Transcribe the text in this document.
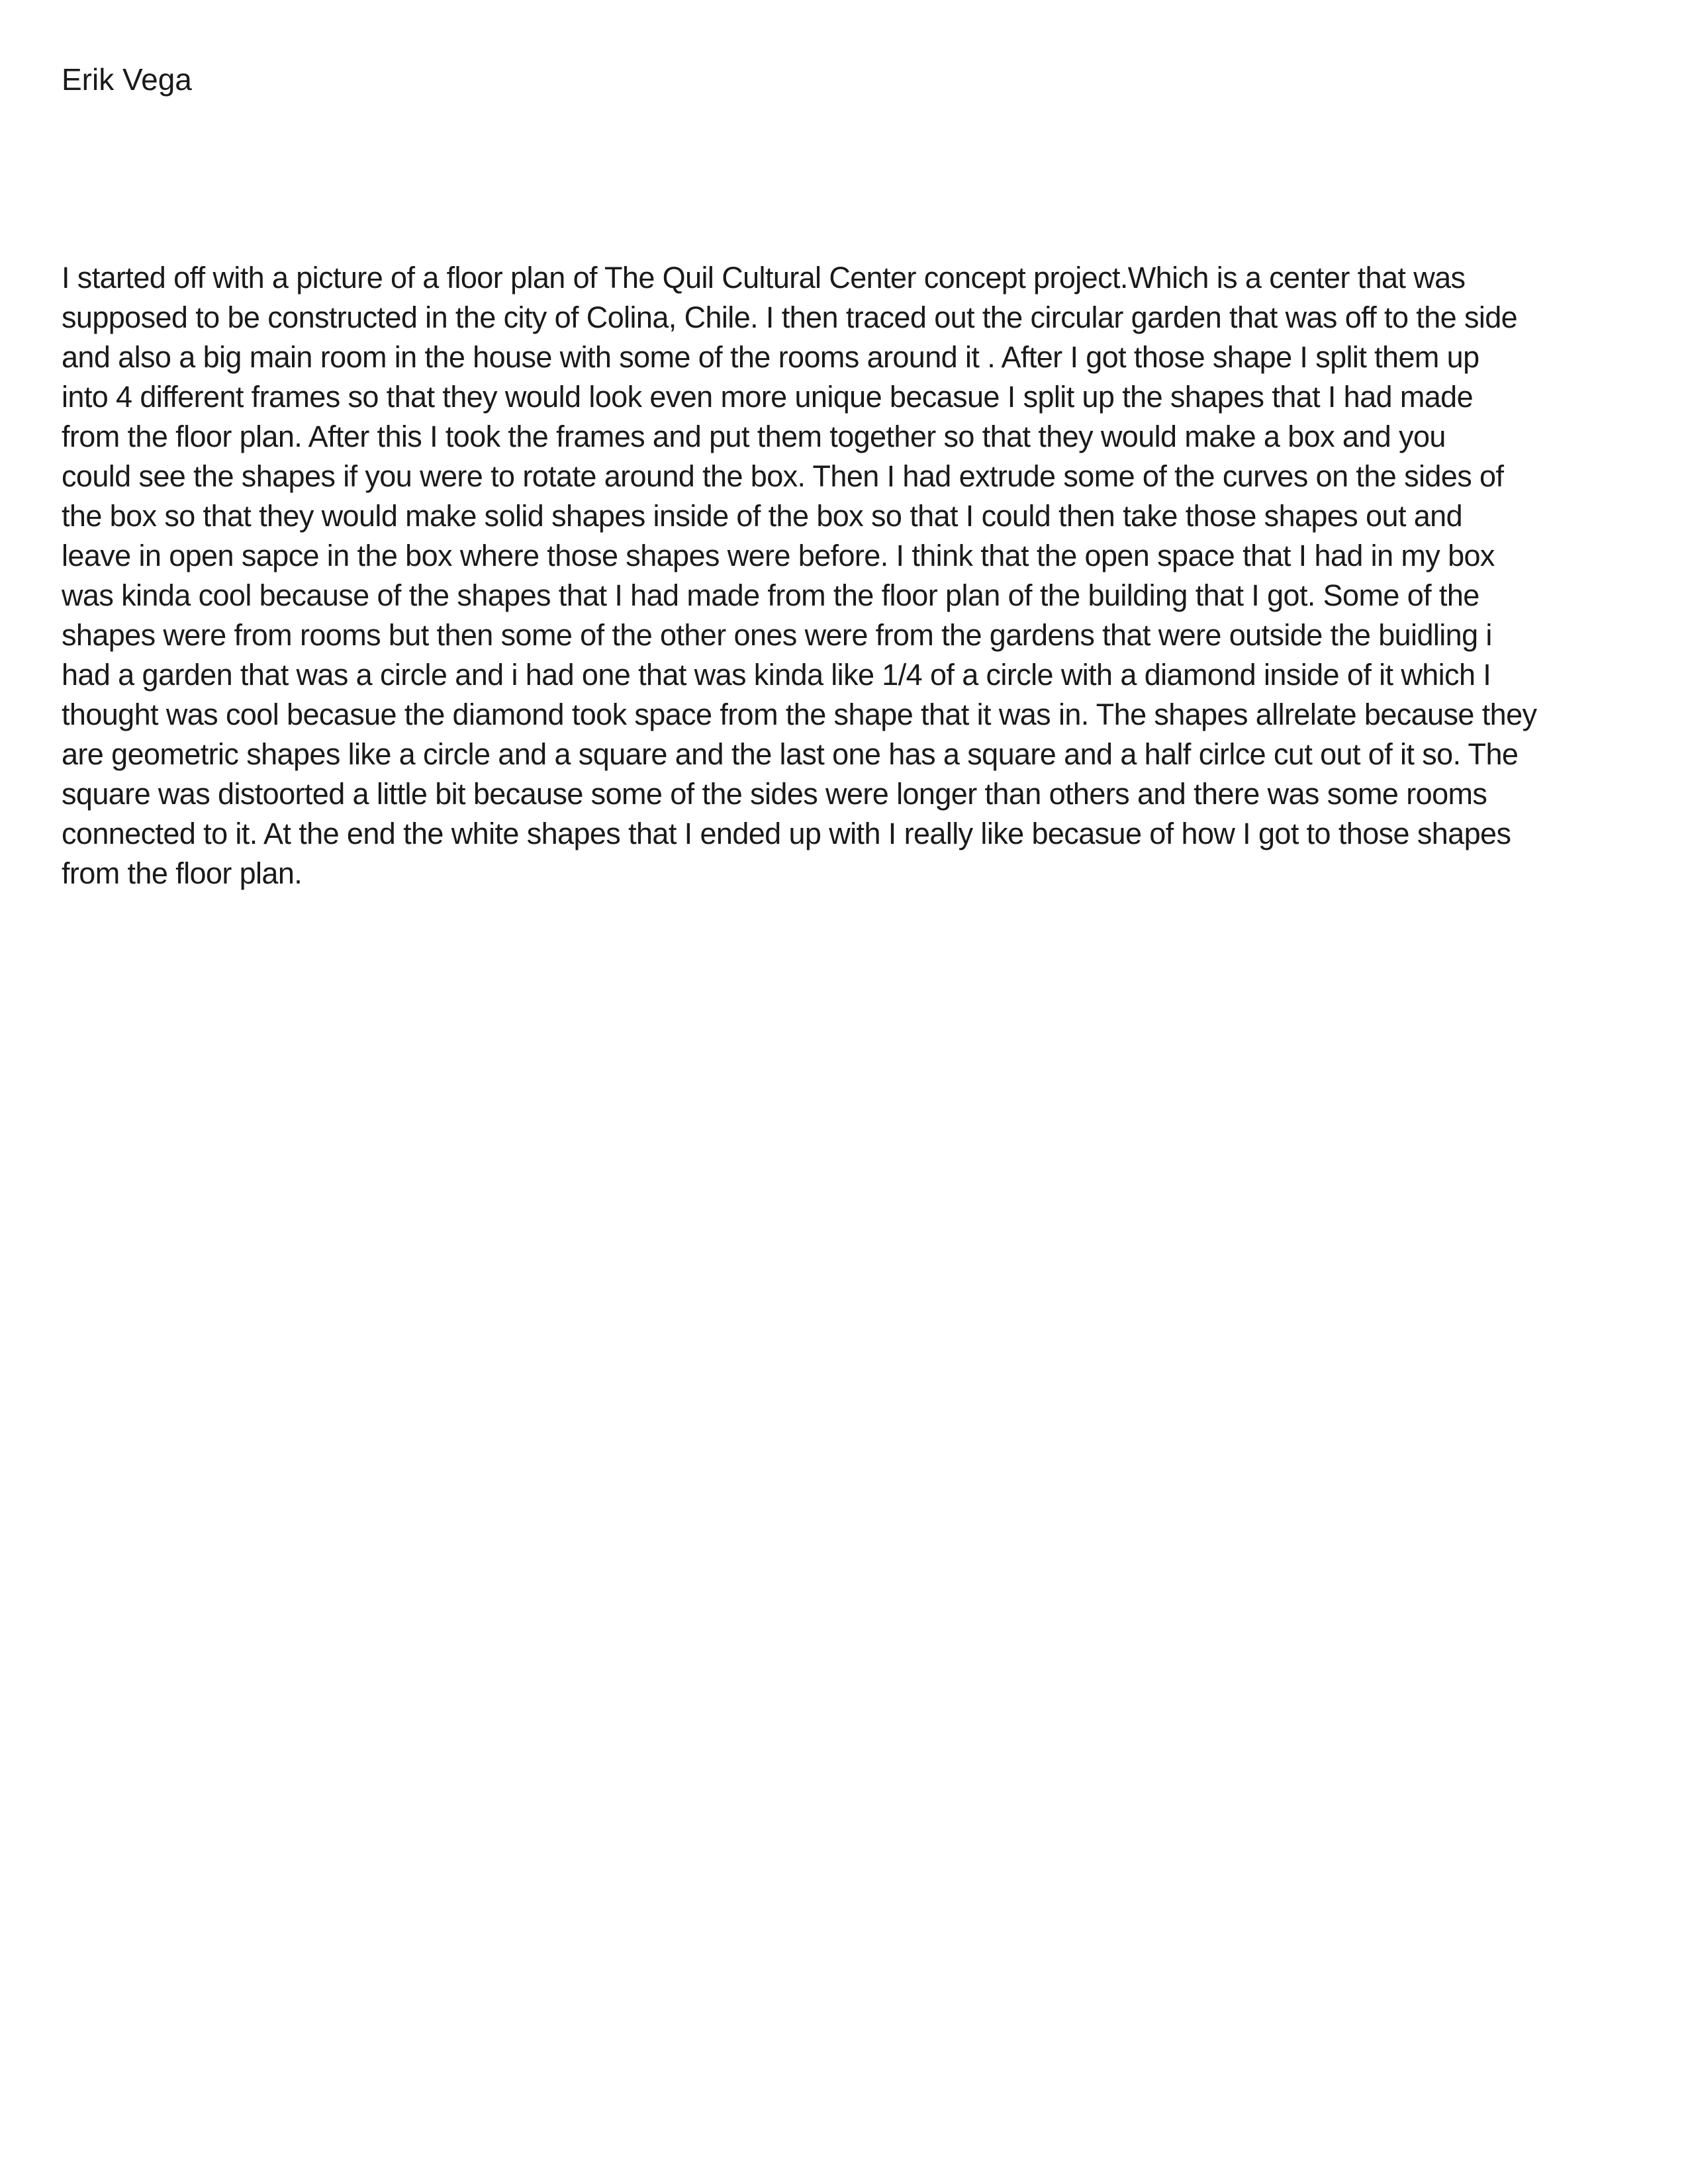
Erik Vega

I started off with a picture of a floor plan of The Quil Cultural Center concept project.Which is a center that was
supposed to be constructed in the city of Colina, Chile. I then traced out the circular garden that was off to the side
and also a big main room in the house with some of the rooms around it . After I got those shape I split them up
into 4 different frames so that they would look even more unique becasue I split up the shapes that I had made
from the floor plan. After this I took the frames and put them together so that they would make a box and you
could see the shapes if you were to rotate around the box. Then I had extrude some of the curves on the sides of
the box so that they would make solid shapes inside of the box so that I could then take those shapes out and
leave in open sapce in the box where those shapes were before. I think that the open space that I had in my box
was kinda cool because of the shapes that I had made from the floor plan of the building that I got. Some of the
shapes were from rooms but then some of the other ones were from the gardens that were outside the buidling i
had a garden that was a circle and i had one that was kinda like 1/4 of a circle with a diamond inside of it which I
thought was cool becasue the diamond took space from the shape that it was in. The shapes allrelate because they
are geometric shapes like a circle and a square and the last one has a square and a half cirlce cut out of it so. The
square was distoorted a little bit because some of the sides were longer than others and there was some rooms
connected to it. At the end the white shapes that I ended up with I really like becasue of how I got to those shapes
from the floor plan.
